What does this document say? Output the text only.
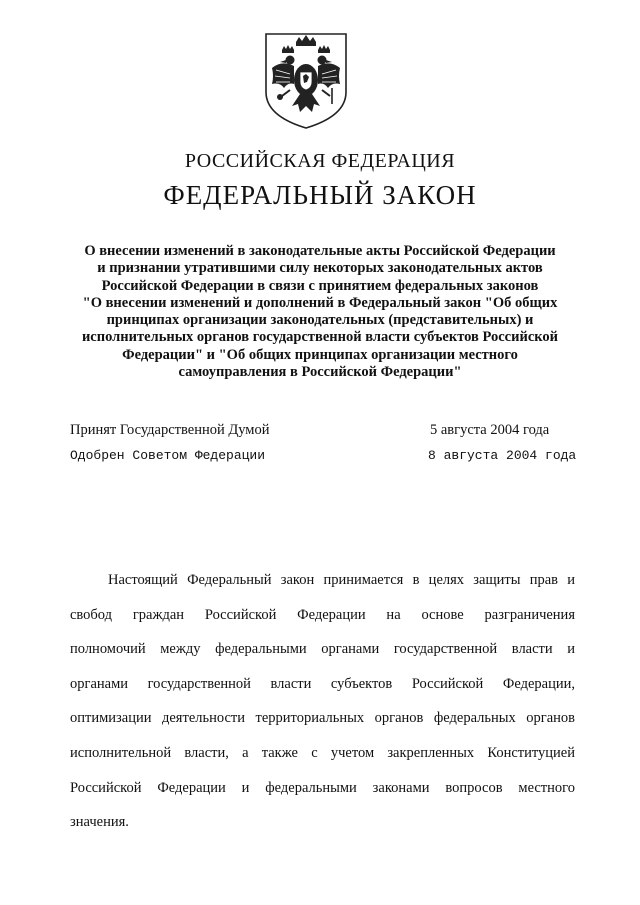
РОССИЙСКАЯ ФЕДЕРАЦИЯ
ФЕДЕРАЛЬНЫЙ ЗАКОН
О внесении изменений в законодательные акты Российской Федерации
и признании утратившими силу некоторых законодательных актов
Российской Федерации в связи с принятием федеральных законов
"О внесении изменений и дополнений в Федеральный закон "Об общих
принципах организации законодательных (представительных) и
исполнительных органов государственной власти субъектов Российской
Федерации" и "Об общих принципах организации местного
самоуправления в Российской Федерации"
Принят Государственной Думой	5 августа 2004 года
Одобрен Советом Федерации	8 августа 2004 года
Настоящий Федеральный закон принимается в целях защиты прав и
свобод граждан Российской Федерации на основе разграничения
полномочий между федеральными органами государственной власти и
органами государственной власти субъектов Российской Федерации,
оптимизации деятельности территориальных органов федеральных органов
исполнительной власти, а также с учетом закрепленных Конституцией
Российской Федерации и федеральными законами вопросов местного
значения.
